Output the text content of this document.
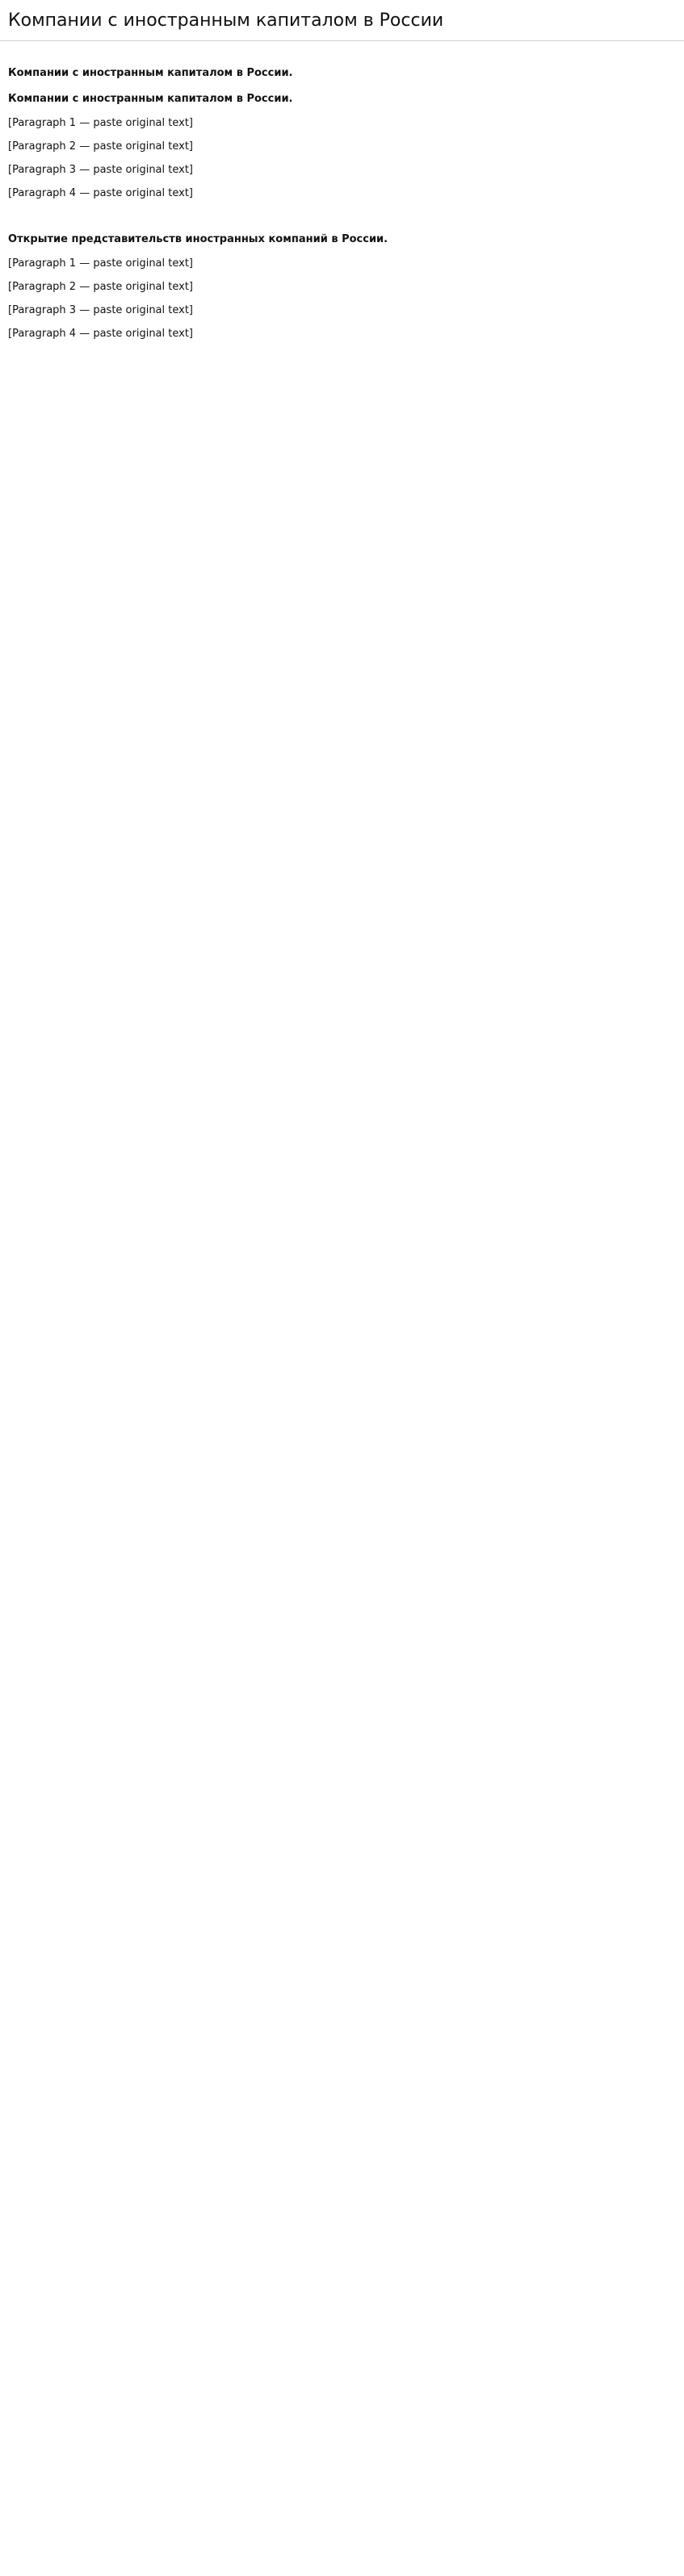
Компании с иностранным капиталом в России
Компании с иностранным капиталом в России.
Компании с иностранным капиталом в России.

[Paragraph 1 — paste original text]

[Paragraph 2 — paste original text]

[Paragraph 3 — paste original text]

[Paragraph 4 — paste original text]

Открытие представительств иностранных компаний в России.

[Paragraph 1 — paste original text]

[Paragraph 2 — paste original text]

[Paragraph 3 — paste original text]

[Paragraph 4 — paste original text]
